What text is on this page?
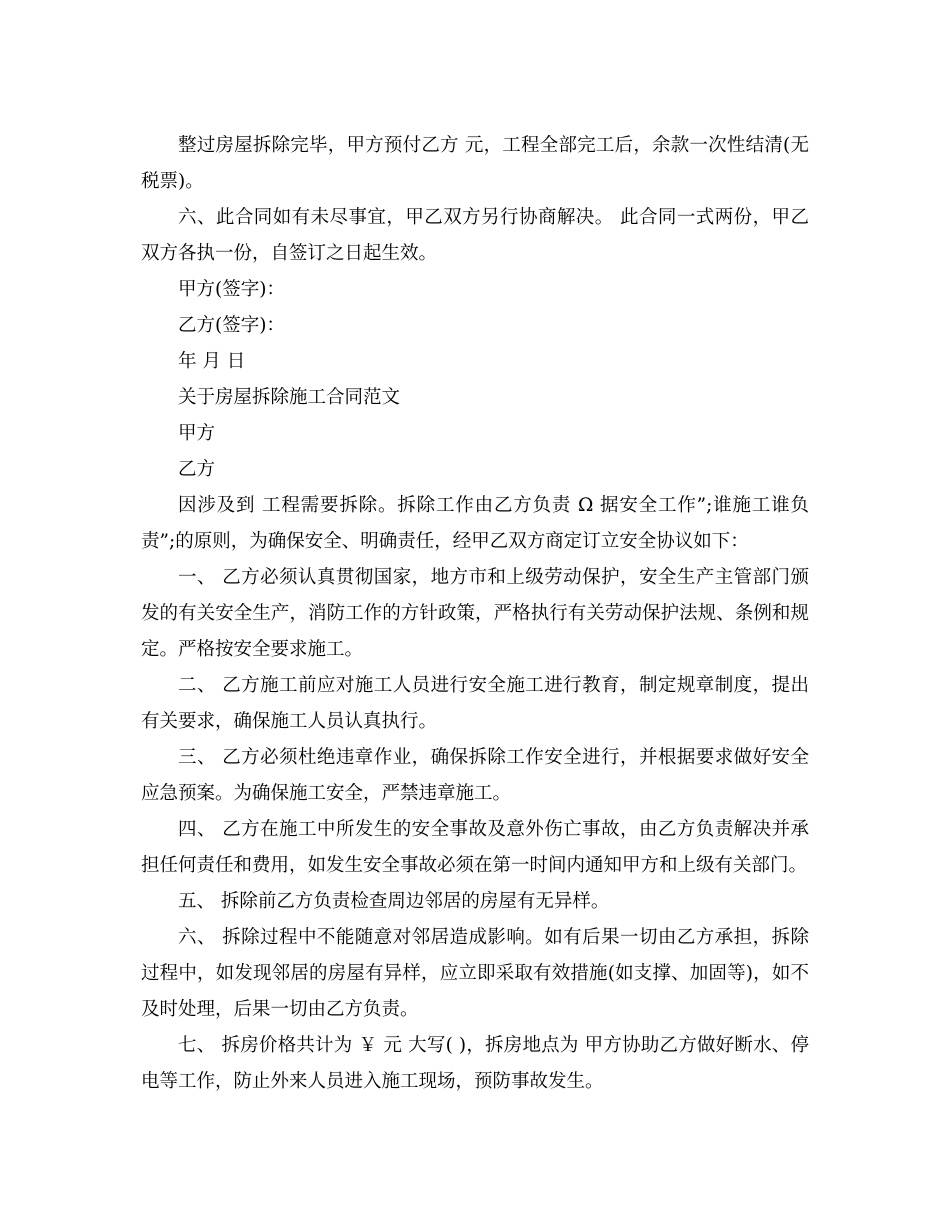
整过房屋拆除完毕，甲方预付乙方 元，工程全部完工后，余款一次性结清(无税票)。

六、此合同如有未尽事宜，甲乙双方另行协商解决。 此合同一式两份，甲乙双方各执一份，自签订之日起生效。

甲方(签字)：

乙方(签字)：

年 月 日

关于房屋拆除施工合同范文

甲方

乙方

因涉及到 工程需要拆除。拆除工作由乙方负责 Ω 据安全工作”;谁施工谁负责”;的原则，为确保安全、明确责任，经甲乙双方商定订立安全协议如下：

一、 乙方必须认真贯彻国家，地方市和上级劳动保护，安全生产主管部门颁发的有关安全生产，消防工作的方针政策，严格执行有关劳动保护法规、条例和规定。严格按安全要求施工。

二、 乙方施工前应对施工人员进行安全施工进行教育，制定规章制度，提出有关要求，确保施工人员认真执行。

三、 乙方必须杜绝违章作业，确保拆除工作安全进行，并根据要求做好安全应急预案。为确保施工安全，严禁违章施工。

四、 乙方在施工中所发生的安全事故及意外伤亡事故，由乙方负责解决并承担任何责任和费用，如发生安全事故必须在第一时间内通知甲方和上级有关部门。

五、 拆除前乙方负责检查周边邻居的房屋有无异样。

六、 拆除过程中不能随意对邻居造成影响。如有后果一切由乙方承担，拆除过程中，如发现邻居的房屋有异样，应立即采取有效措施(如支撑、加固等)，如不及时处理，后果一切由乙方负责。

七、 拆房价格共计为 ￥ 元 大写( )，拆房地点为 甲方协助乙方做好断水、停电等工作，防止外来人员进入施工现场，预防事故发生。
